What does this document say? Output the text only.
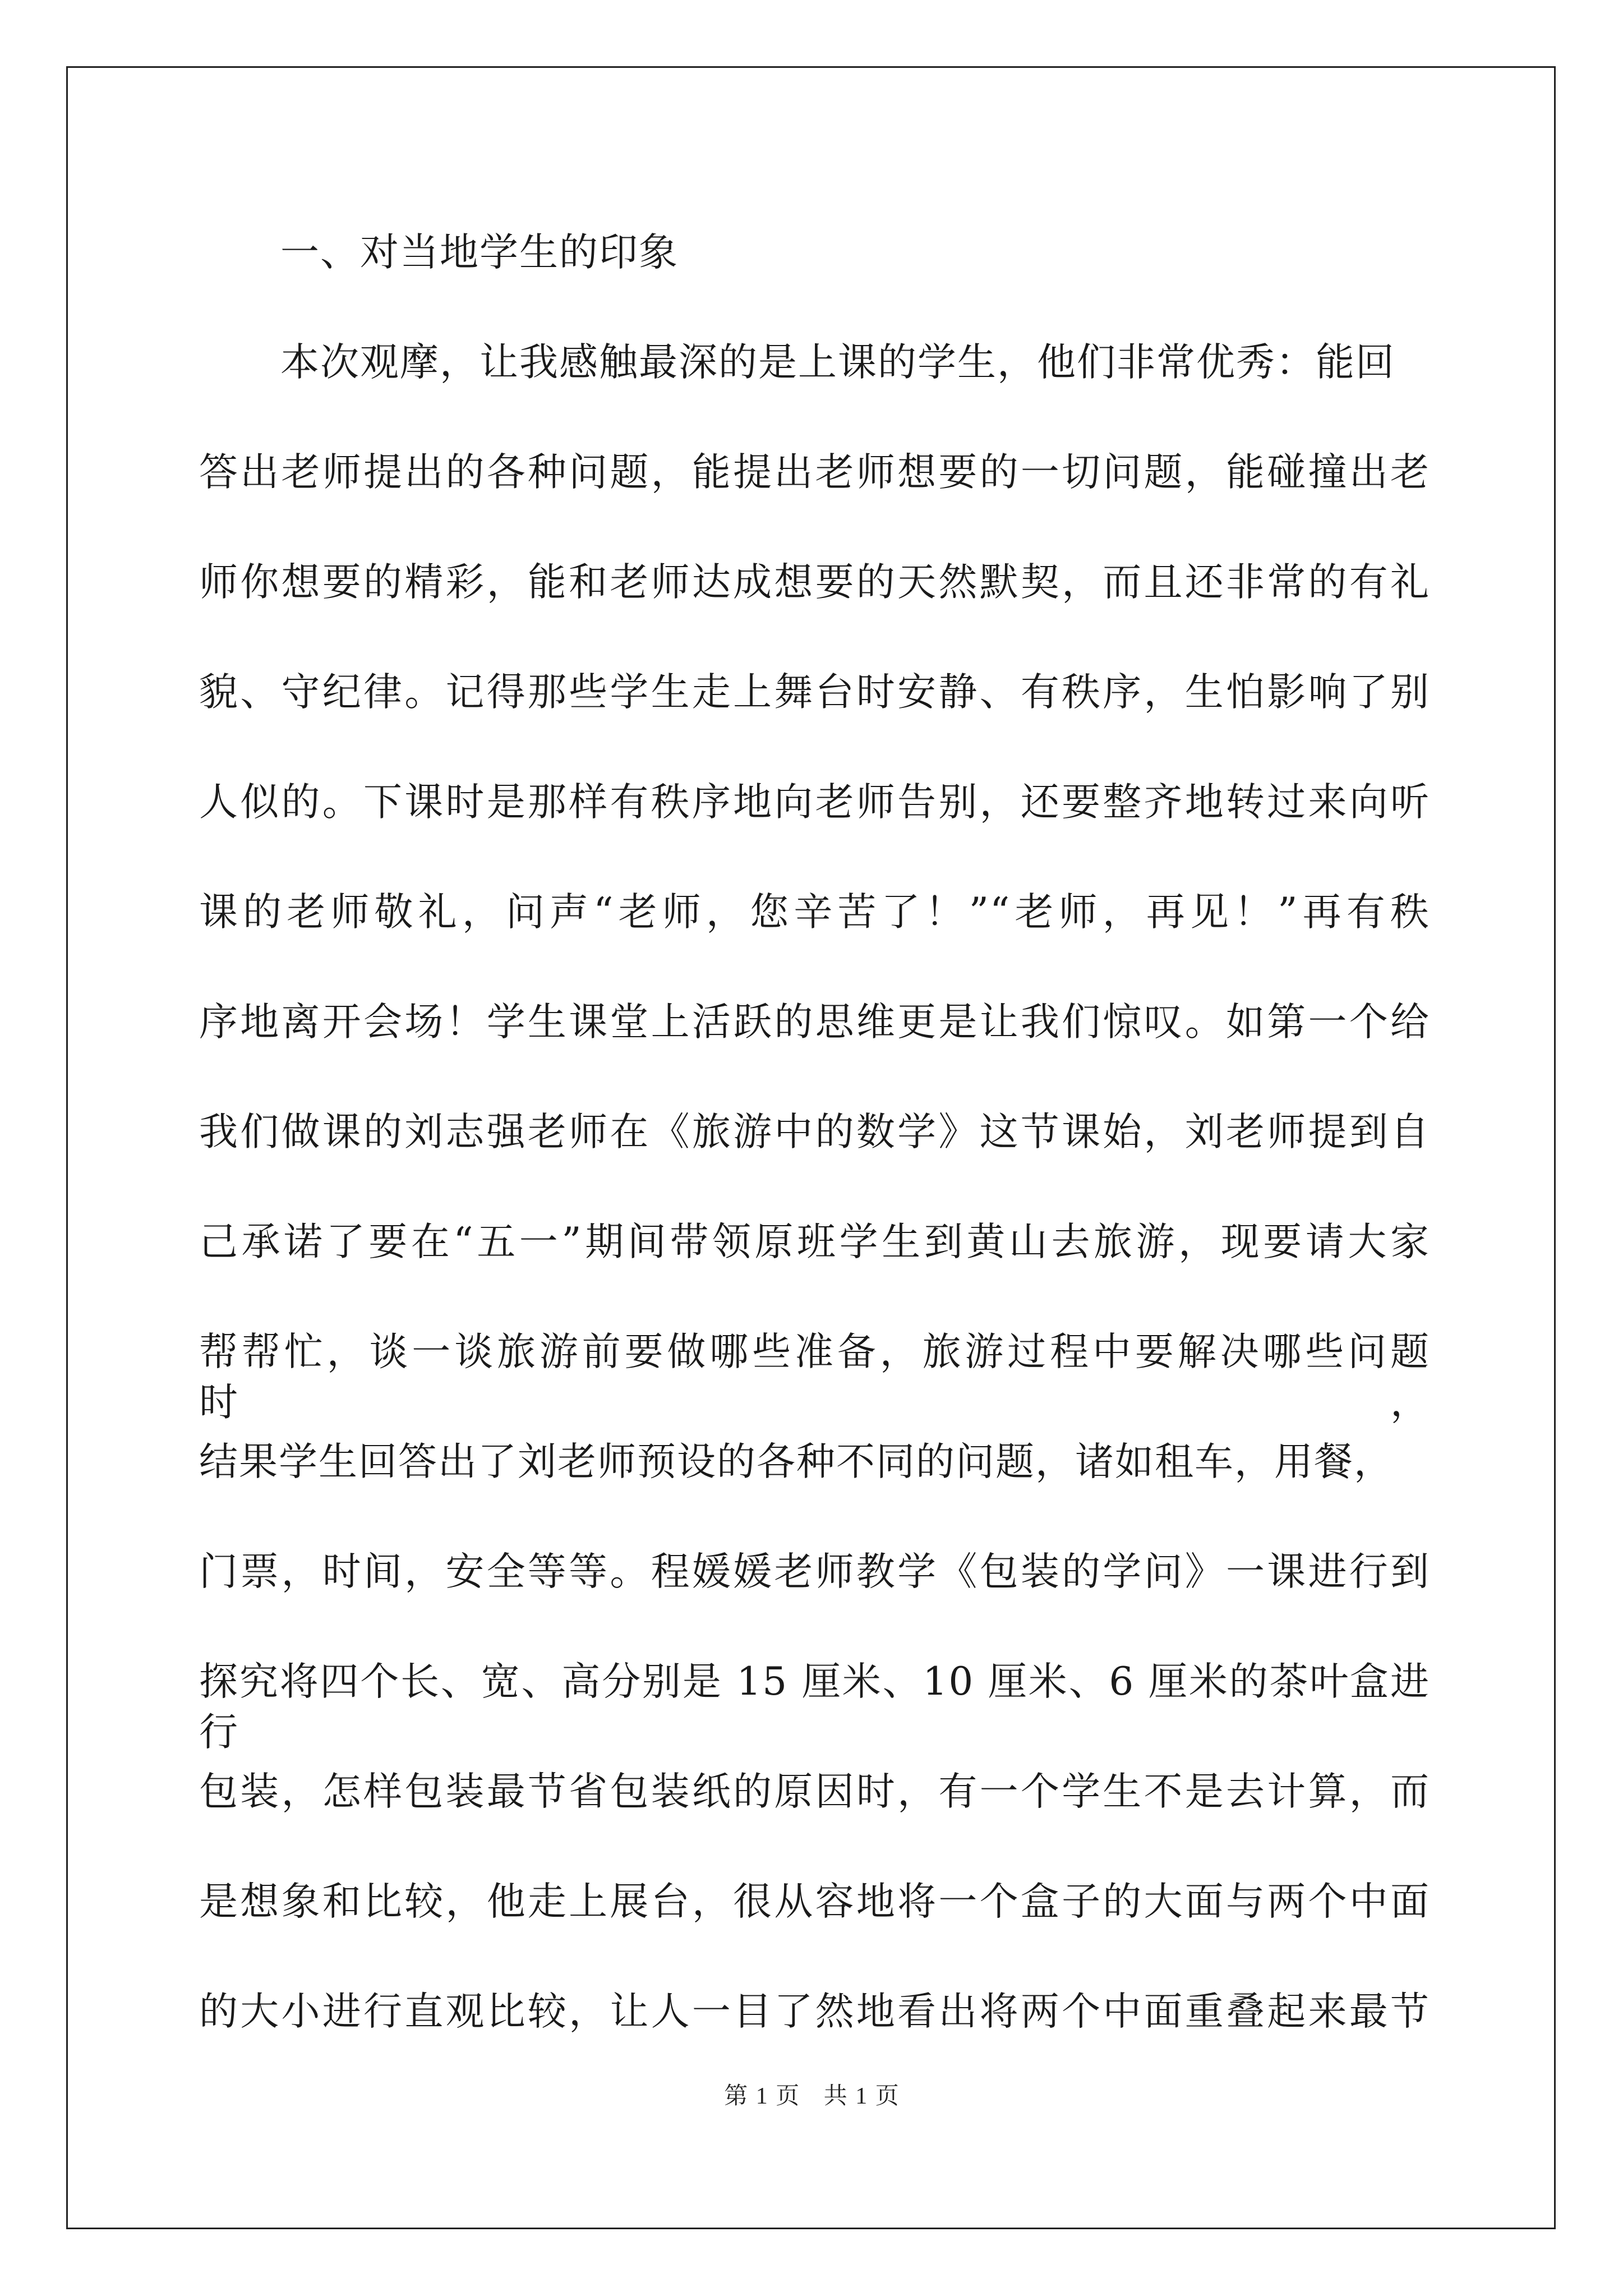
一、对当地学生的印象
本次观摩，让我感触最深的是上课的学生，他们非常优秀：能回
答出老师提出的各种问题，能提出老师想要的一切问题，能碰撞出老
师你想要的精彩，能和老师达成想要的天然默契，而且还非常的有礼
貌、守纪律。记得那些学生走上舞台时安静、有秩序，生怕影响了别
人似的。下课时是那样有秩序地向老师告别，还要整齐地转过来向听
课的老师敬礼，问声“老师，您辛苦了！”“老师，再见！”再有秩
序地离开会场！学生课堂上活跃的思维更是让我们惊叹。如第一个给
我们做课的刘志强老师在《旅游中的数学》这节课始，刘老师提到自
己承诺了要在“五一”期间带领原班学生到黄山去旅游，现要请大家
帮帮忙，谈一谈旅游前要做哪些准备，旅游过程中要解决哪些问题时，
结果学生回答出了刘老师预设的各种不同的问题，诸如租车，用餐，
门票，时间，安全等等。程媛媛老师教学《包装的学问》一课进行到
探究将四个长、宽、高分别是 15 厘米、10 厘米、6 厘米的茶叶盒进行
包装，怎样包装最节省包装纸的原因时，有一个学生不是去计算，而
是想象和比较，他走上展台，很从容地将一个盒子的大面与两个中面
的大小进行直观比较，让人一目了然地看出将两个中面重叠起来最节
第 1 页   共 1 页
